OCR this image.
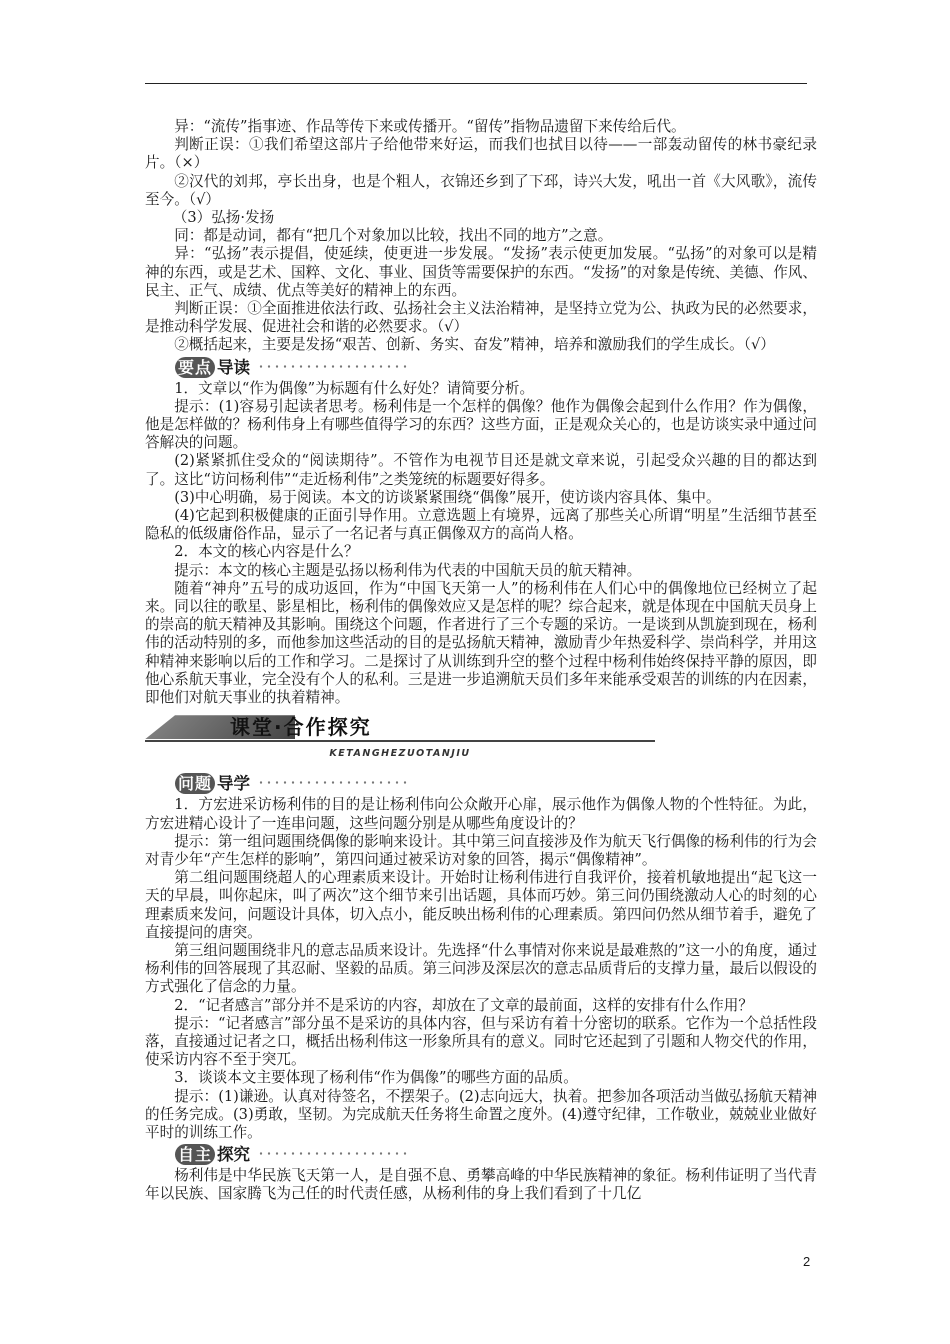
异：“流传”指事迹、作品等传下来或传播开。“留传”指物品遗留下来传给后代。

判断正误：①我们希望这部片子给他带来好运，而我们也拭目以待——一部轰动留传的林书豪纪录片。（×）

②汉代的刘邦，亭长出身，也是个粗人，衣锦还乡到了下邳，诗兴大发，吼出一首《大风歌》，流传至今。（√）

（3）弘扬·发扬

同：都是动词，都有“把几个对象加以比较，找出不同的地方”之意。

异：“弘扬”表示提倡，使延续，使更进一步发展。“发扬”表示使更加发展。“弘扬”的对象可以是精神的东西，或是艺术、国粹、文化、事业、国货等需要保护的东西。“发扬”的对象是传统、美德、作风、民主、正气、成绩、优点等美好的精神上的东西。

判断正误：①全面推进依法行政、弘扬社会主义法治精神，是坚持立党为公、执政为民的必然要求，是推动科学发展、促进社会和谐的必然要求。（√）

②概括起来，主要是发扬“艰苦、创新、务实、奋发”精神，培养和激励我们的学生成长。（√）

要点 导读

1．文章以“作为偶像”为标题有什么好处？请简要分析。

提示：(1)容易引起读者思考。杨利伟是一个怎样的偶像？他作为偶像会起到什么作用？作为偶像，他是怎样做的？杨利伟身上有哪些值得学习的东西？这些方面，正是观众关心的，也是访谈实录中通过问答解决的问题。

(2)紧紧抓住受众的“阅读期待”。不管作为电视节目还是就文章来说，引起受众兴趣的目的都达到了。这比“访问杨利伟”“走近杨利伟”之类笼统的标题要好得多。

(3)中心明确，易于阅读。本文的访谈紧紧围绕“偶像”展开，使访谈内容具体、集中。

(4)它起到积极健康的正面引导作用。立意选题上有境界，远离了那些关心所谓“明星”生活细节甚至隐私的低级庸俗作品，显示了一名记者与真正偶像双方的高尚人格。

2．本文的核心内容是什么？

提示：本文的核心主题是弘扬以杨利伟为代表的中国航天员的航天精神。

随着“神舟”五号的成功返回，作为“中国飞天第一人”的杨利伟在人们心中的偶像地位已经树立了起来。同以往的歌星、影星相比，杨利伟的偶像效应又是怎样的呢？综合起来，就是体现在中国航天员身上的崇高的航天精神及其影响。围绕这个问题，作者进行了三个专题的采访。一是谈到从凯旋到现在，杨利伟的活动特别的多，而他参加这些活动的目的是弘扬航天精神，激励青少年热爱科学、崇尚科学，并用这种精神来影响以后的工作和学习。二是探讨了从训练到升空的整个过程中杨利伟始终保持平静的原因，即他心系航天事业，完全没有个人的私利。三是进一步追溯航天员们多年来能承受艰苦的训练的内在因素，即他们对航天事业的执着精神。

课堂·合作探究
KETANGHEZUOTANJIU
问题 导学

1．方宏进采访杨利伟的目的是让杨利伟向公众敞开心扉，展示他作为偶像人物的个性特征。为此，方宏进精心设计了一连串问题，这些问题分别是从哪些角度设计的？

提示：第一组问题围绕偶像的影响来设计。其中第三问直接涉及作为航天飞行偶像的杨利伟的行为会对青少年“产生怎样的影响”，第四问通过被采访对象的回答，揭示“偶像精神”。

第二组问题围绕超人的心理素质来设计。开始时让杨利伟进行自我评价，接着机敏地提出“起飞这一天的早晨，叫你起床，叫了两次”这个细节来引出话题，具体而巧妙。第三问仍围绕激动人心的时刻的心理素质来发问，问题设计具体，切入点小，能反映出杨利伟的心理素质。第四问仍然从细节着手，避免了直接提问的唐突。

第三组问题围绕非凡的意志品质来设计。先选择“什么事情对你来说是最难熬的”这一小的角度，通过杨利伟的回答展现了其忍耐、坚毅的品质。第三问涉及深层次的意志品质背后的支撑力量，最后以假设的方式强化了信念的力量。

2．“记者感言”部分并不是采访的内容，却放在了文章的最前面，这样的安排有什么作用？

提示：“记者感言”部分虽不是采访的具体内容，但与采访有着十分密切的联系。它作为一个总括性段落，直接通过记者之口，概括出杨利伟这一形象所具有的意义。同时它还起到了引题和人物交代的作用，使采访内容不至于突兀。

3．谈谈本文主要体现了杨利伟“作为偶像”的哪些方面的品质。

提示：(1)谦逊。认真对待签名，不摆架子。(2)志向远大，执着。把参加各项活动当做弘扬航天精神的任务完成。(3)勇敢，坚韧。为完成航天任务将生命置之度外。(4)遵守纪律，工作敬业，兢兢业业做好平时的训练工作。

自主 探究

杨利伟是中华民族飞天第一人，是自强不息、勇攀高峰的中华民族精神的象征。杨利伟证明了当代青年以民族、国家腾飞为己任的时代责任感，从杨利伟的身上我们看到了十几亿

2
